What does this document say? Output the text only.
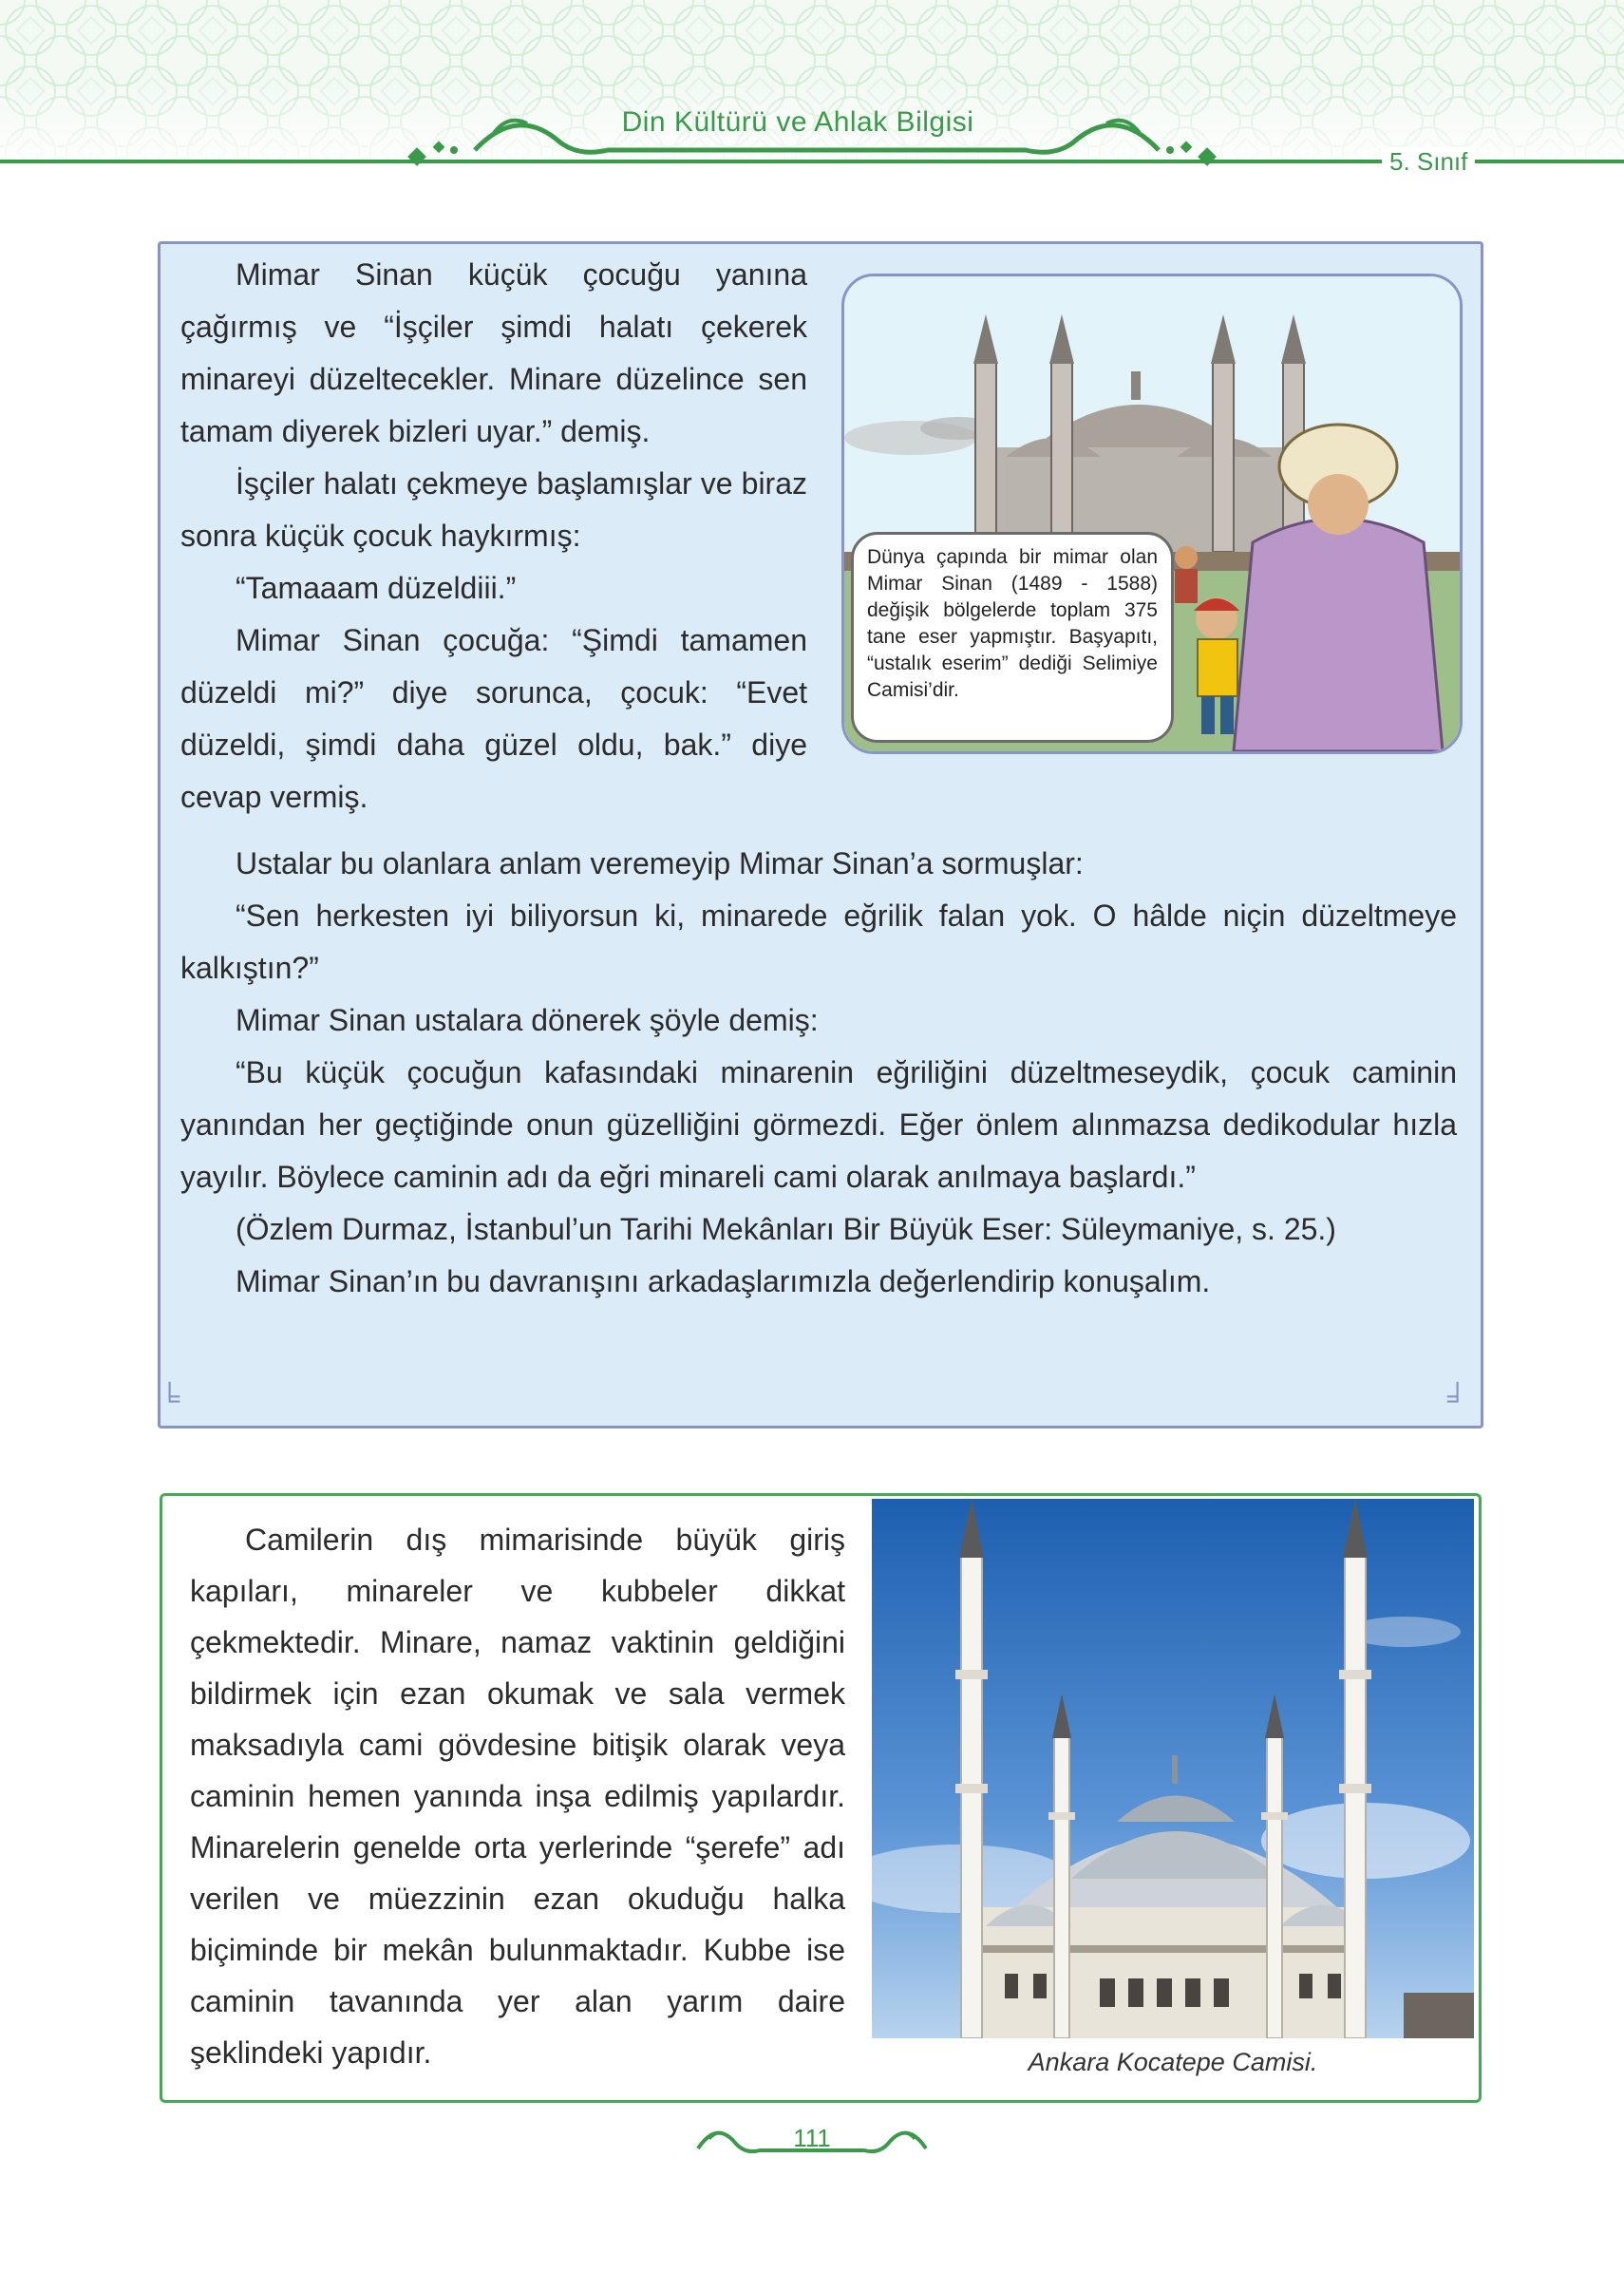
Din Kültürü ve Ahlak Bilgisi
5. Sınıf
╘	╛

Mimar Sinan küçük çocuğu yanına çağırmış ve “İşçiler şimdi halatı çekerek minareyi düzeltecekler. Minare düzelince sen tamam diyerek bizleri uyar.” demiş.

İşçiler halatı çekmeye başlamışlar ve biraz sonra küçük çocuk haykırmış:

“Tamaaam düzeldiii.”

Mimar Sinan çocuğa: “Şimdi tamamen düzeldi mi?” diye sorunca, çocuk: “Evet düzeldi, şimdi daha güzel oldu, bak.” diye cevap vermiş.

Ustalar bu olanlara anlam veremeyip Mimar Sinan’a sormuşlar:

“Sen herkesten iyi biliyorsun ki, minarede eğrilik falan yok. O hâlde niçin düzeltmeye kalkıştın?”

Mimar Sinan ustalara dönerek şöyle demiş:

“Bu küçük çocuğun kafasındaki minarenin eğriliğini düzeltmeseydik, çocuk caminin yanından her geçtiğinde onun güzelliğini görmezdi. Eğer önlem alınmazsa dedikodular hızla yayılır. Böylece caminin adı da eğri minareli cami olarak anılmaya başlardı.”

(Özlem Durmaz, İstanbul’un Tarihi Mekânları Bir Büyük Eser: Süleymaniye, s. 25.)

Mimar Sinan’ın bu davranışını arkadaşlarımızla değerlendirip konuşalım.

Dünya çapında bir mimar olan Mimar Sinan (1489 - 1588) değişik bölgelerde toplam 375 tane eser yapmıştır. Başyapıtı, “ustalık eserim” dediği Selimiye Camisi’dir.

Camilerin dış mimarisinde büyük giriş kapıları, minareler ve kubbeler dikkat çekmektedir. Minare, namaz vaktinin geldiğini bildirmek için ezan okumak ve sala vermek maksadıyla cami gövdesine bitişik olarak veya caminin hemen yanında inşa edilmiş yapılardır. Minarelerin genelde orta yerlerinde “şerefe” adı verilen ve müezzinin ezan okuduğu halka biçiminde bir mekân bulunmaktadır. Kubbe ise caminin tavanında yer alan yarım daire şeklindeki yapıdır.	Ankara Kocatepe Camisi.
111
